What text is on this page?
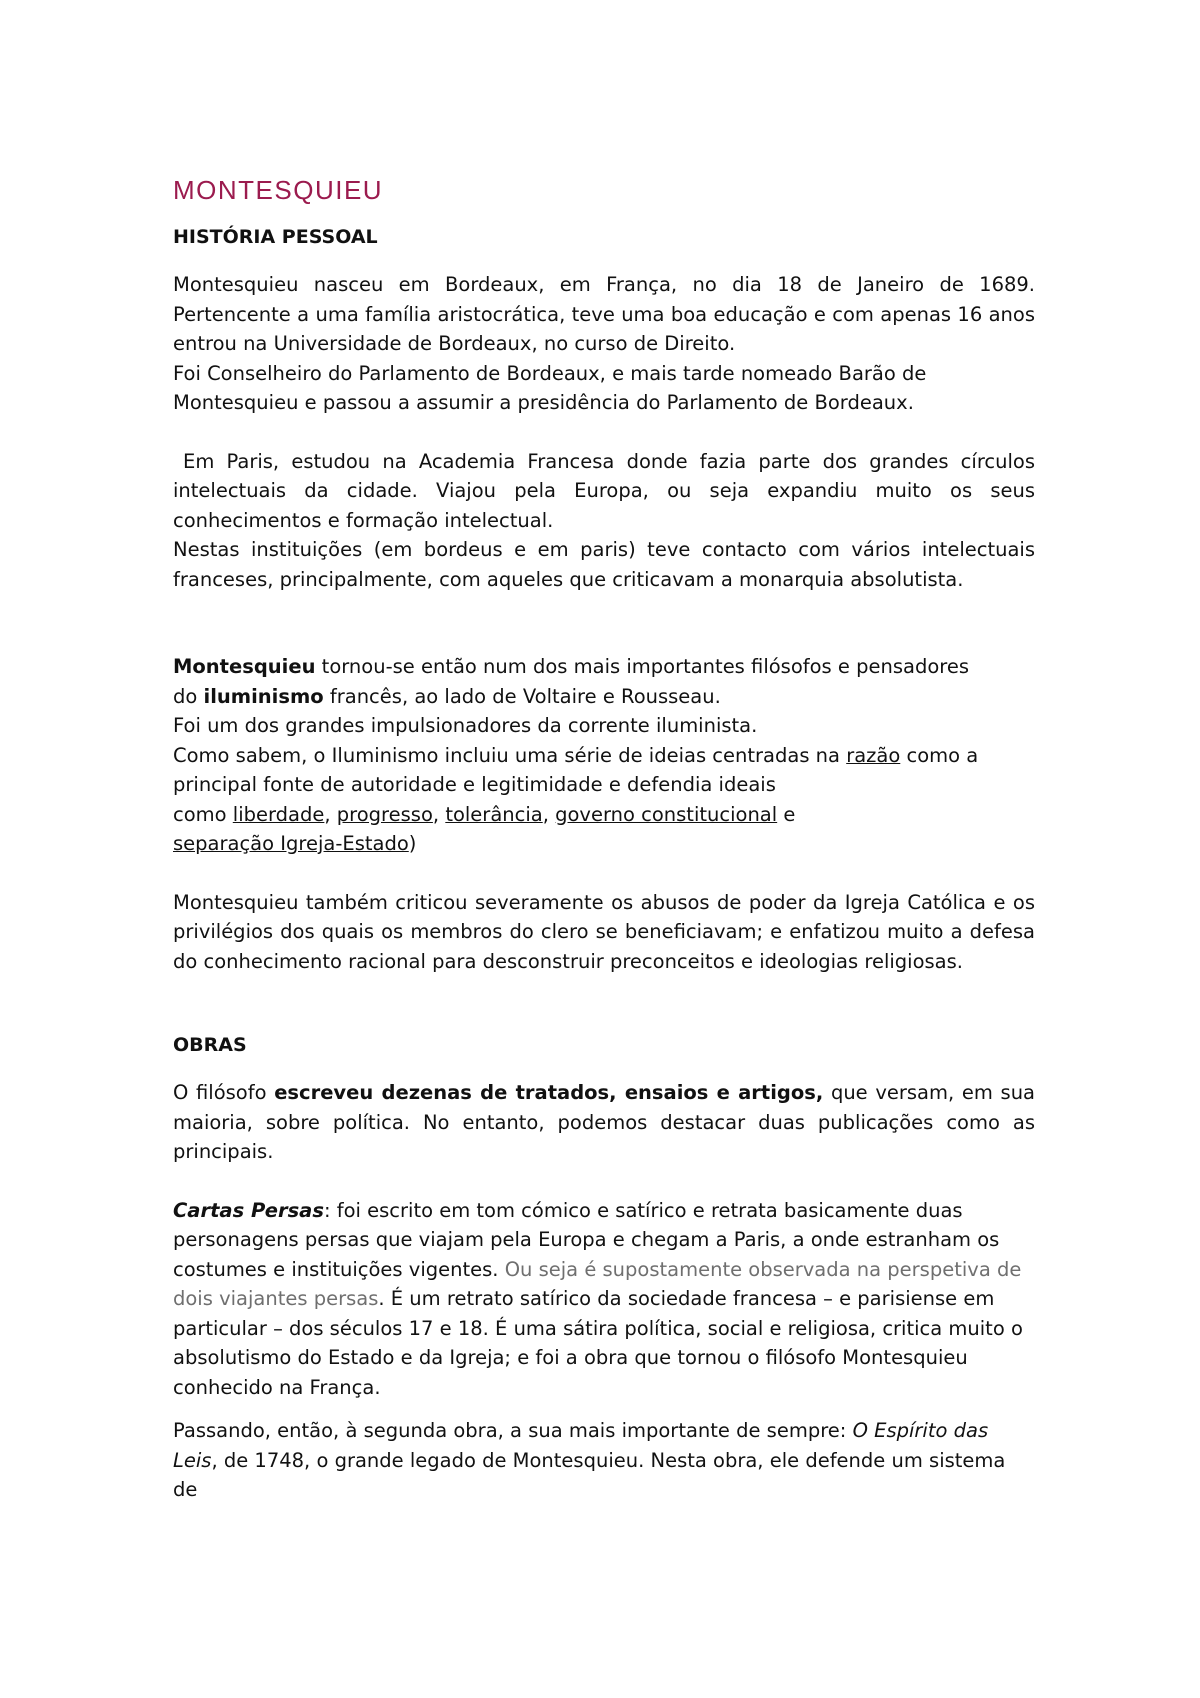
MONTESQUIEU
HISTÓRIA PESSOAL

Montesquieu nasceu em Bordeaux, em França, no dia 18 de Janeiro de 1689. Pertencente a uma família aristocrática, teve uma boa educação e com apenas 16 anos entrou na Universidade de Bordeaux, no curso de Direito.

Foi Conselheiro do Parlamento de Bordeaux, e mais tarde nomeado Barão de
Montesquieu e passou a assumir a presidência do Parlamento de Bordeaux.

Em Paris, estudou na Academia Francesa donde fazia parte dos grandes círculos intelectuais da cidade. Viajou pela Europa, ou seja expandiu muito os seus conhecimentos e formação intelectual.

Nestas instituições (em bordeus e em paris) teve contacto com vários intelectuais franceses, principalmente, com aqueles que criticavam a monarquia absolutista.

Montesquieu tornou-se então num dos mais importantes filósofos e pensadores
do iluminismo francês, ao lado de Voltaire e Rousseau.
Foi um dos grandes impulsionadores da corrente iluminista.
Como sabem, o Iluminismo incluiu uma série de ideias centradas na razão como a
principal fonte de autoridade e legitimidade e defendia ideais
como liberdade, progresso, tolerância, governo constitucional e
separação Igreja-Estado)

Montesquieu também criticou severamente os abusos de poder da Igreja Católica e os privilégios dos quais os membros do clero se beneficiavam; e enfatizou muito a defesa do conhecimento racional para desconstruir preconceitos e ideologias religiosas.

OBRAS

O filósofo escreveu dezenas de tratados, ensaios e artigos, que versam, em sua maioria, sobre política. No entanto, podemos destacar duas publicações como as principais.

Cartas Persas: foi escrito em tom cómico e satírico e retrata basicamente duas personagens persas que viajam pela Europa e chegam a Paris, a onde estranham os costumes e instituições vigentes. Ou seja é supostamente observada na perspetiva de dois viajantes persas. É um retrato satírico da sociedade francesa – e parisiense em particular – dos séculos 17 e 18. É uma sátira política, social e religiosa, critica muito o absolutismo do Estado e da Igreja; e foi a obra que tornou o filósofo Montesquieu conhecido na França.

Passando, então, à segunda obra, a sua mais importante de sempre: O Espírito das Leis, de 1748, o grande legado de Montesquieu. Nesta obra, ele defende um sistema de
